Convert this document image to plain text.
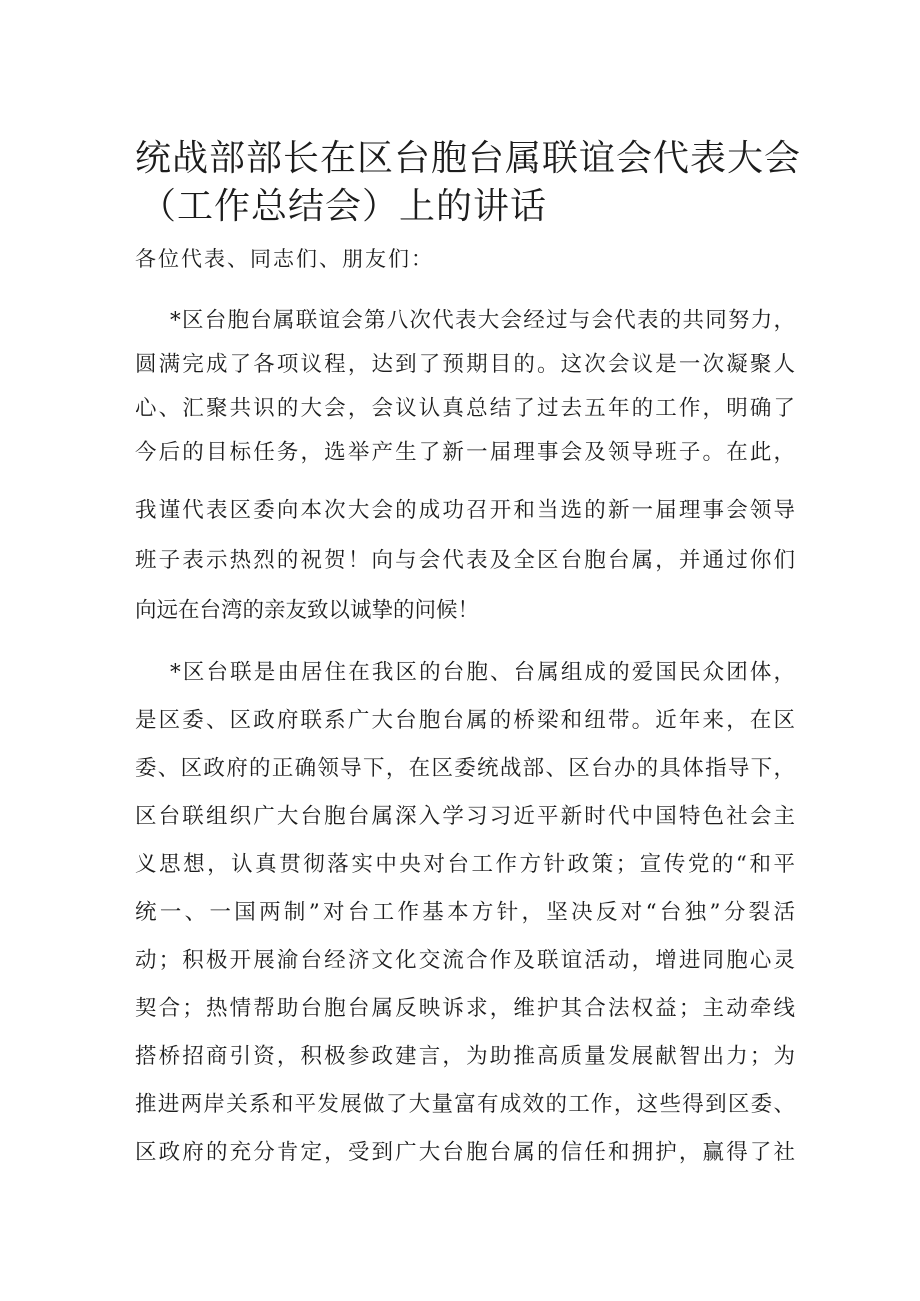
统战部部长在区台胞台属联谊会代表大会
（工作总结会）上的讲话
各位代表、同志们、朋友们：
*区台胞台属联谊会第八次代表大会经过与会代表的共同努力，
圆满完成了各项议程，达到了预期目的。这次会议是一次凝聚人
心、汇聚共识的大会，会议认真总结了过去五年的工作，明确了
今后的目标任务，选举产生了新一届理事会及领导班子。在此，
我谨代表区委向本次大会的成功召开和当选的新一届理事会领导
班子表示热烈的祝贺！向与会代表及全区台胞台属，并通过你们
向远在台湾的亲友致以诚挚的问候！
*区台联是由居住在我区的台胞、台属组成的爱国民众团体，
是区委、区政府联系广大台胞台属的桥梁和纽带。近年来，在区
委、区政府的正确领导下，在区委统战部、区台办的具体指导下，
区台联组织广大台胞台属深入学习习近平新时代中国特色社会主
义思想，认真贯彻落实中央对台工作方针政策；宣传党的“和平
统一、一国两制”对台工作基本方针，坚决反对“台独”分裂活
动；积极开展渝台经济文化交流合作及联谊活动，增进同胞心灵
契合；热情帮助台胞台属反映诉求，维护其合法权益；主动牵线
搭桥招商引资，积极参政建言，为助推高质量发展献智出力；为
推进两岸关系和平发展做了大量富有成效的工作，这些得到区委、
区政府的充分肯定，受到广大台胞台属的信任和拥护，赢得了社
